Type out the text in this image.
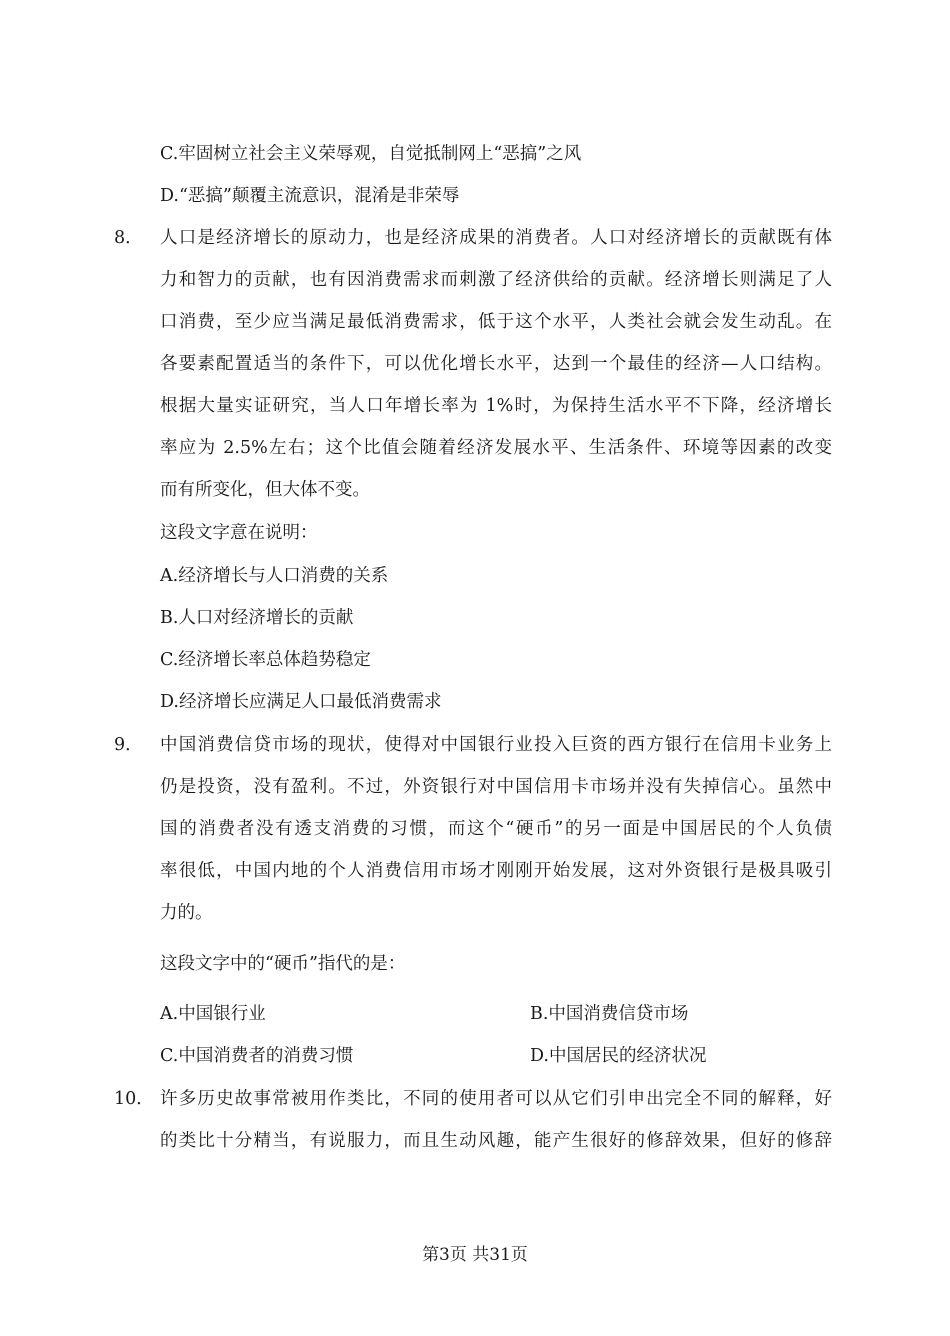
C.牢固树立社会主义荣辱观，自觉抵制网上“恶搞”之风
D.“恶搞”颠覆主流意识，混淆是非荣辱
8． 人口是经济增长的原动力，也是经济成果的消费者。人口对经济增长的贡献既有体
力和智力的贡献，也有因消费需求而刺激了经济供给的贡献。经济增长则满足了人
口消费，至少应当满足最低消费需求，低于这个水平，人类社会就会发生动乱。在
各要素配置适当的条件下，可以优化增长水平，达到一个最佳的经济—人口结构。
根据大量实证研究，当人口年增长率为 1%时，为保持生活水平不下降，经济增长
率应为 2.5%左右；这个比值会随着经济发展水平、生活条件、环境等因素的改变
而有所变化，但大体不变。
这段文字意在说明：
A.经济增长与人口消费的关系
B.人口对经济增长的贡献
C.经济增长率总体趋势稳定
D.经济增长应满足人口最低消费需求
9． 中国消费信贷市场的现状，使得对中国银行业投入巨资的西方银行在信用卡业务上
仍是投资，没有盈利。不过，外资银行对中国信用卡市场并没有失掉信心。虽然中
国的消费者没有透支消费的习惯，而这个“硬币”的另一面是中国居民的个人负债
率很低，中国内地的个人消费信用市场才刚刚开始发展，这对外资银行是极具吸引
力的。
这段文字中的“硬币”指代的是：
A.中国银行业	B.中国消费信贷市场
C.中国消费者的消费习惯	D.中国居民的经济状况
10． 许多历史故事常被用作类比，不同的使用者可以从它们引申出完全不同的解释，好
的类比十分精当，有说服力，而且生动风趣，能产生很好的修辞效果，但好的修辞
第3页 共31页
